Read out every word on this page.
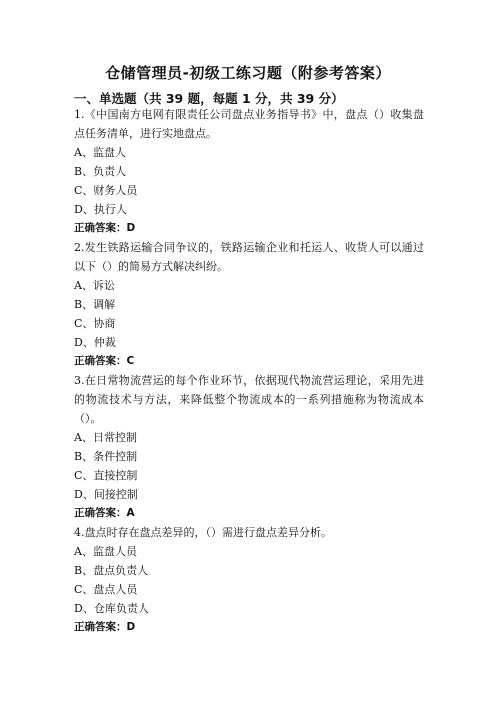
仓储管理员-初级工练习题（附参考答案）
一、单选题（共 39 题，每题 1 分，共 39 分）
1.《中国南方电网有限责任公司盘点业务指导书》中，盘点（）收集盘点任务清单，进行实地盘点。
A、监盘人
B、负责人
C、财务人员
D、执行人
正确答案：D
2.发生铁路运输合同争议的，铁路运输企业和托运人、收货人可以通过以下（）的简易方式解决纠纷。
A、诉讼
B、调解
C、协商
D、仲裁
正确答案：C
3.在日常物流营运的每个作业环节，依据现代物流营运理论，采用先进的物流技术与方法，来降低整个物流成本的一系列措施称为物流成本（）。
A、日常控制
B、条件控制
C、直接控制
D、间接控制
正确答案：A
4.盘点时存在盘点差异的，（）需进行盘点差异分析。
A、监盘人员
B、盘点负责人
C、盘点人员
D、仓库负责人
正确答案：D
